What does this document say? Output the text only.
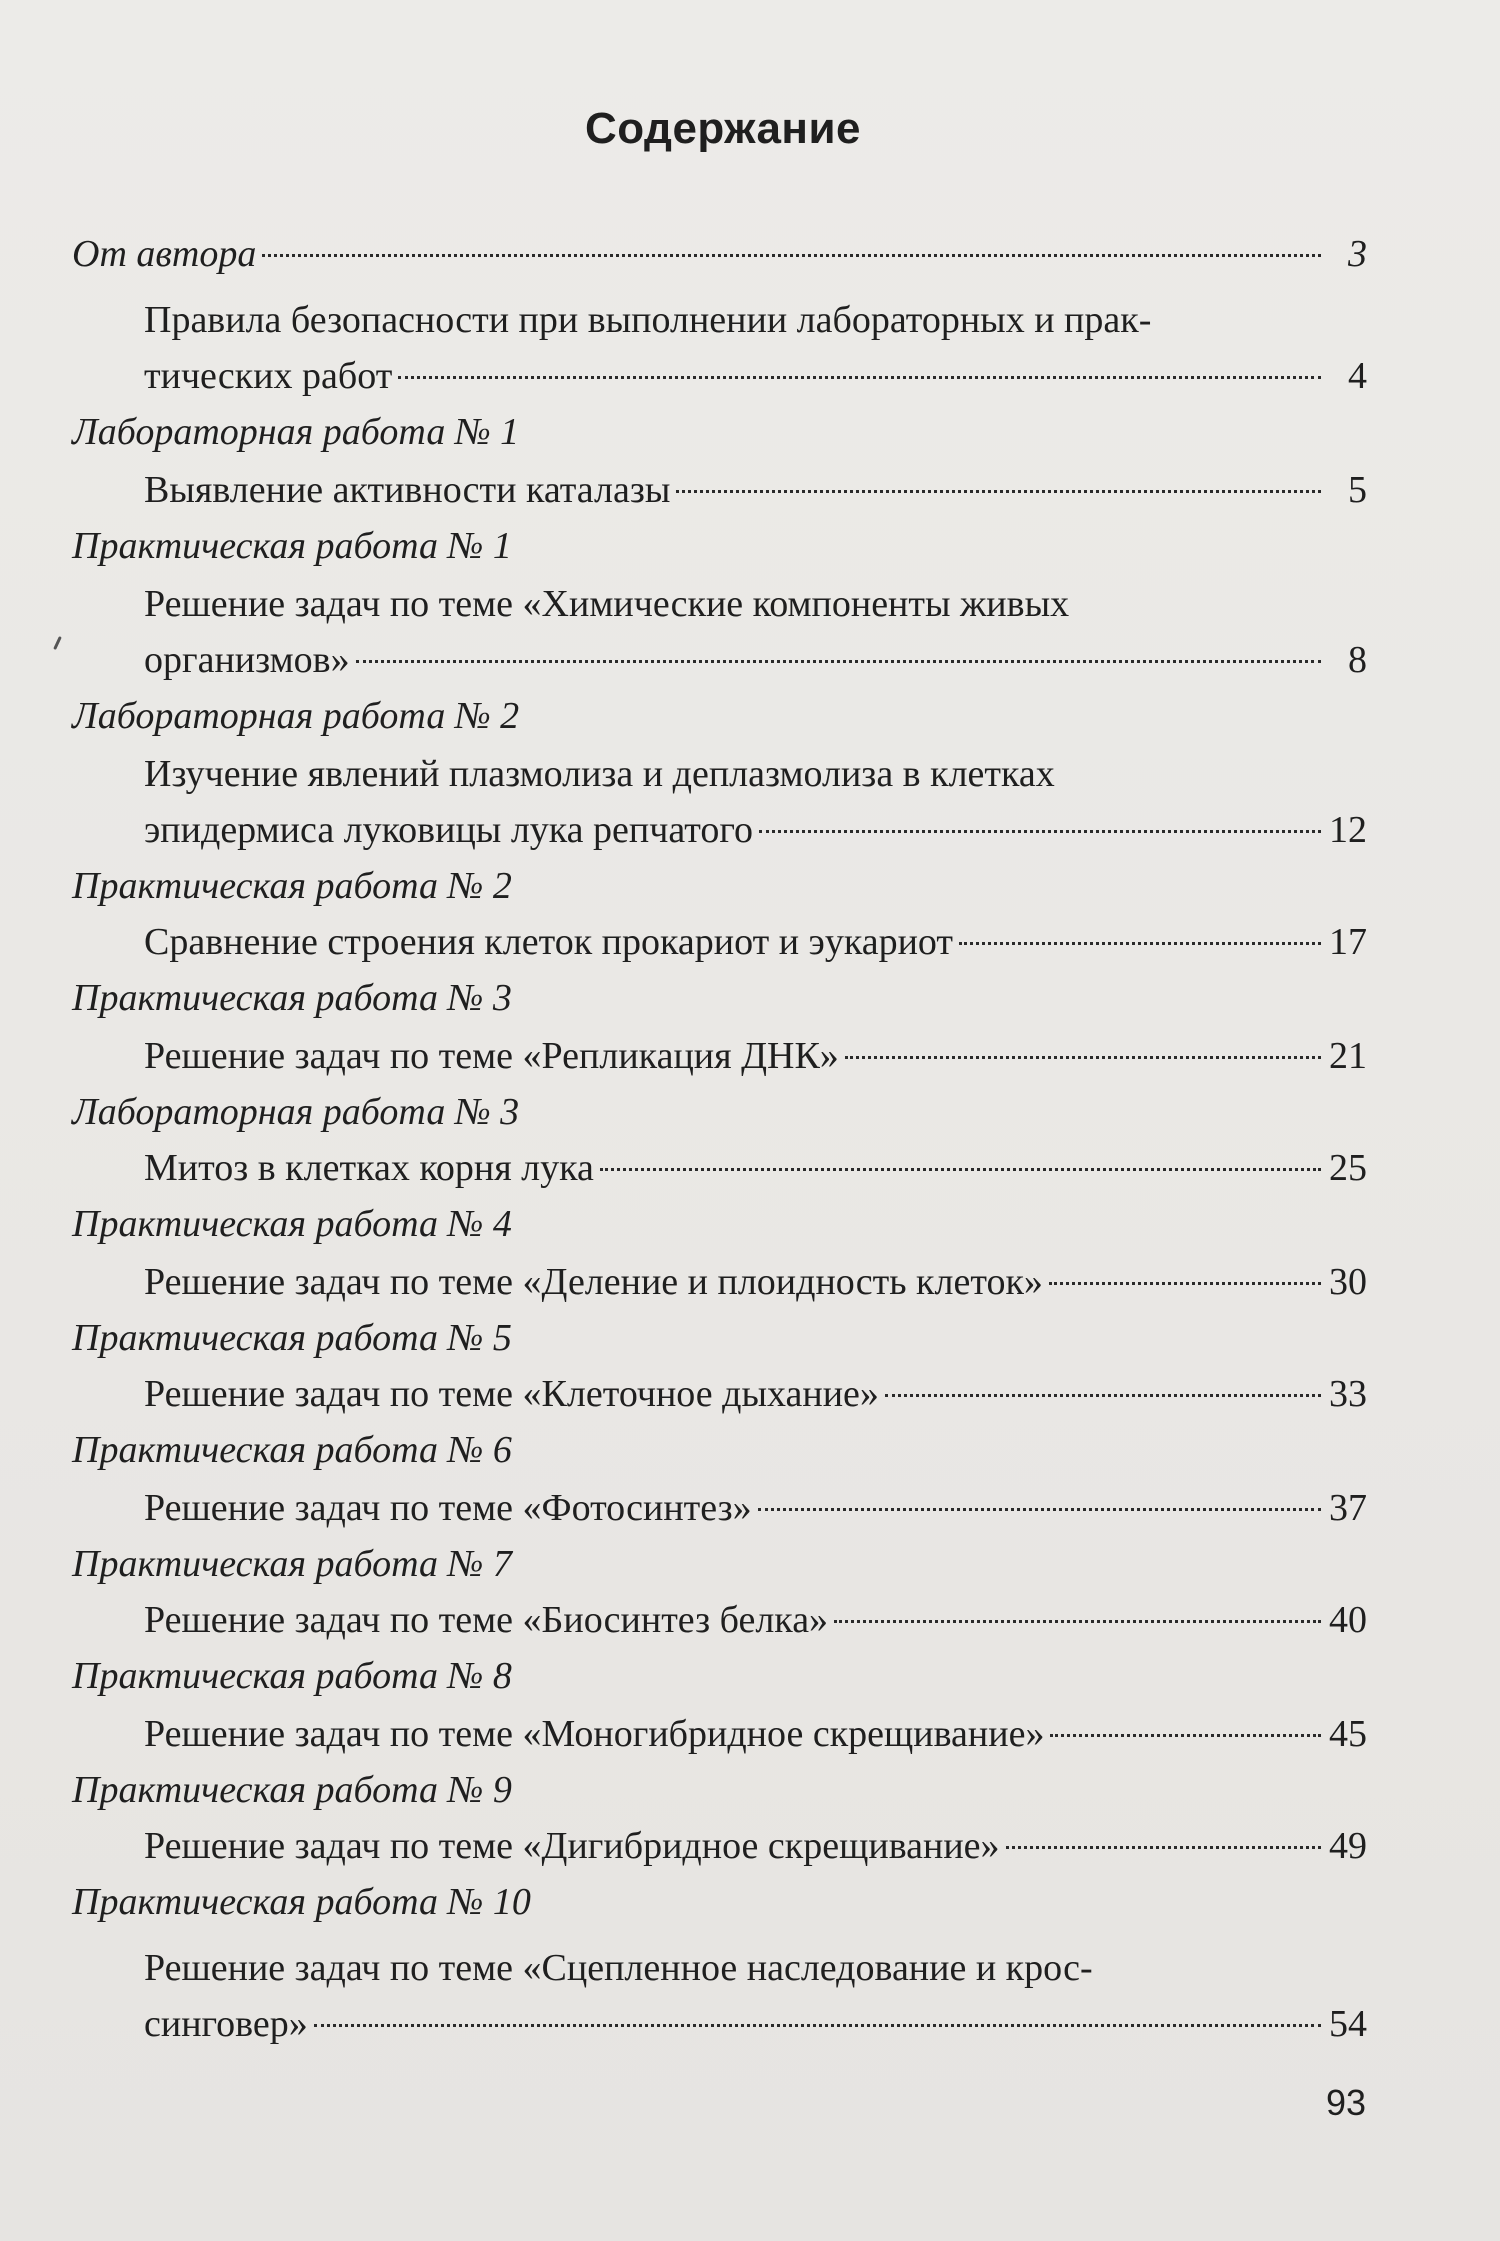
Содержание
От автора	3
Правила безопасности при выполнении лабораторных и прак-
тических работ	4
Лабораторная работа № 1
Выявление активности каталазы	5
Практическая работа № 1
Решение задач по теме «Химические компоненты живых
организмов»	8
Лабораторная работа № 2
Изучение явлений плазмолиза и деплазмолиза в клетках
эпидермиса луковицы лука репчатого	12
Практическая работа № 2
Сравнение строения клеток прокариот и эукариот	17
Практическая работа № 3
Решение задач по теме «Репликация ДНК»	21
Лабораторная работа № 3
Митоз в клетках корня лука	25
Практическая работа № 4
Решение задач по теме «Деление и плоидность клеток»	30
Практическая работа № 5
Решение задач по теме «Клеточное дыхание»	33
Практическая работа № 6
Решение задач по теме «Фотосинтез»	37
Практическая работа № 7
Решение задач по теме «Биосинтез белка»	40
Практическая работа № 8
Решение задач по теме «Моногибридное скрещивание»	45
Практическая работа № 9
Решение задач по теме «Дигибридное скрещивание»	49
Практическая работа № 10
Решение задач по теме «Сцепленное наследование и крос-
синговер»	54
93
